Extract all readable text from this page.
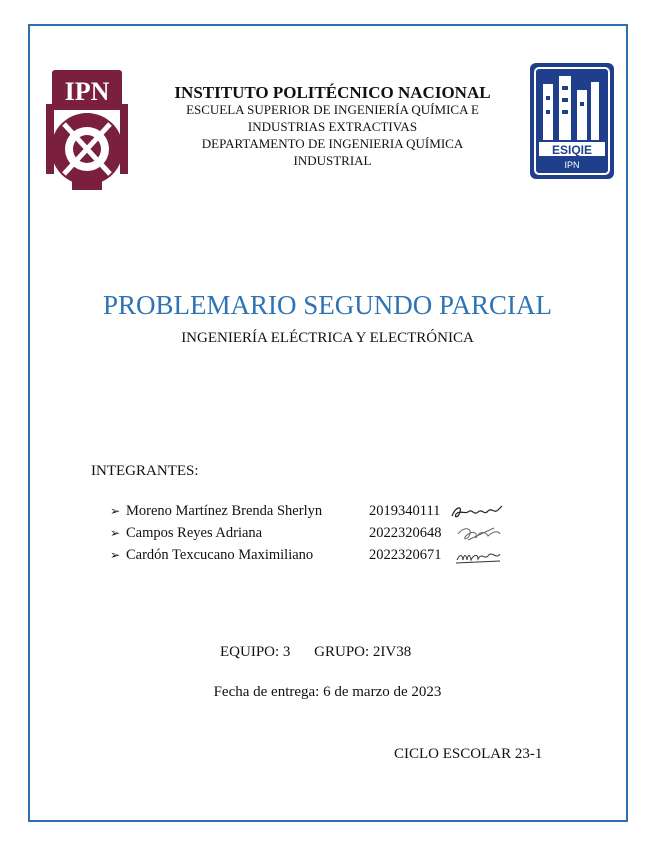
IPN
ESIQIE
IPN
INSTITUTO POLITÉCNICO NACIONAL
ESCUELA SUPERIOR DE INGENIERÍA QUÍMICA E
INDUSTRIAS EXTRACTIVAS
DEPARTAMENTO DE INGENIERIA QUÍMICA
INDUSTRIAL
PROBLEMARIO SEGUNDO PARCIAL
INGENIERÍA ELÉCTRICA Y ELECTRÓNICA
INTEGRANTES:
➢ Moreno Martínez Brenda Sherlyn	2019340111
➢ Campos Reyes Adriana	2022320648
➢ Cardón Texcucano Maximiliano	2022320671
EQUIPO: 3 GRUPO: 2IV38
Fecha de entrega: 6 de marzo de 2023
CICLO ESCOLAR 23-1
